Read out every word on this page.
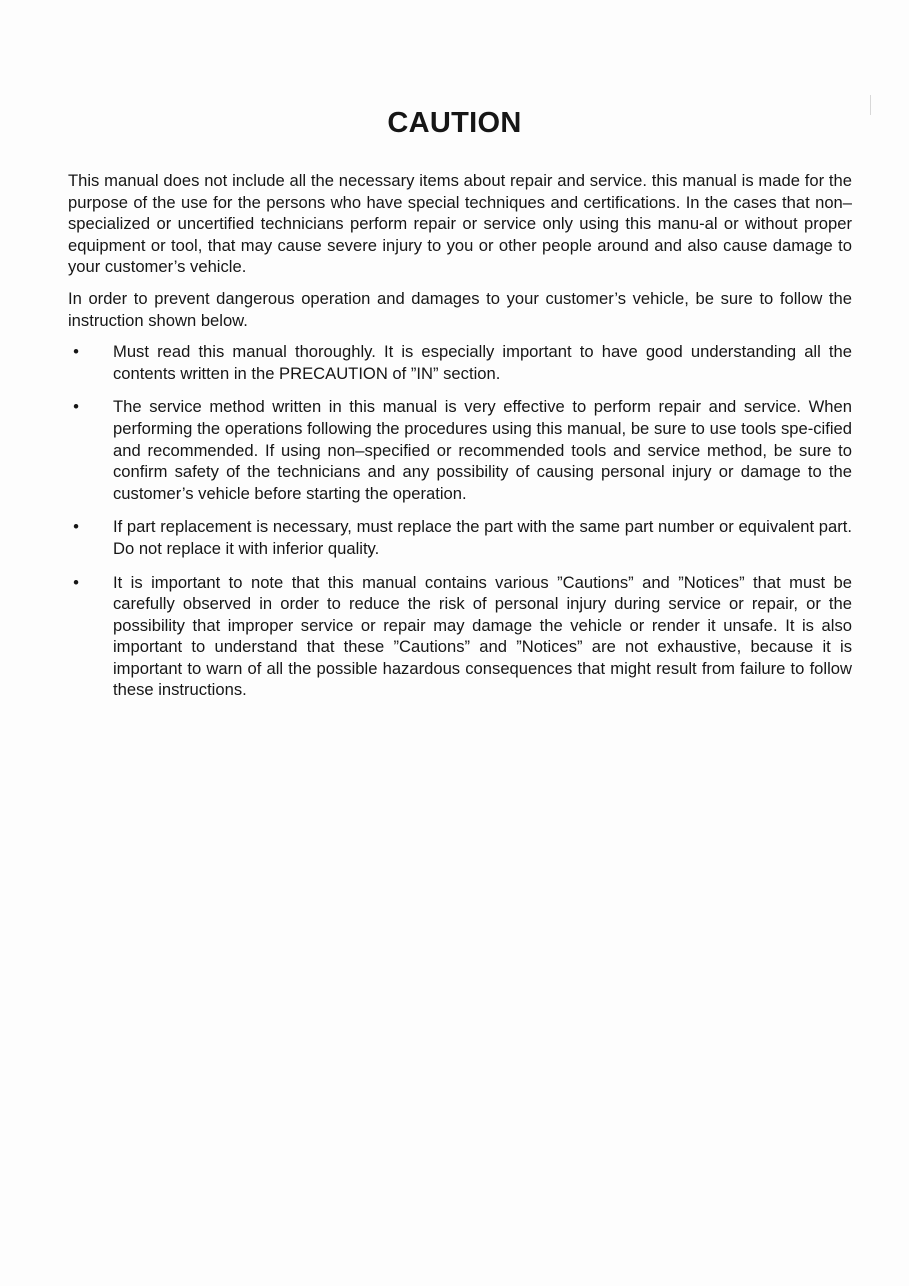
CAUTION

This manual does not include all the necessary items about repair and service. this manual is made for the purpose of the use for the persons who have special techniques and certifications. In the cases that non–specialized or uncertified technicians perform repair or service only using this manu-al or without proper equipment or tool, that may cause severe injury to you or other people around and also cause damage to your customer’s vehicle.

In order to prevent dangerous operation and damages to your customer’s vehicle, be sure to follow the instruction shown below.

• Must read this manual thoroughly. It is especially important to have good understanding all the contents written in the PRECAUTION of ”IN” section.
• The service method written in this manual is very effective to perform repair and service. When performing the operations following the procedures using this manual, be sure to use tools spe-cified and recommended. If using non–specified or recommended tools and service method, be sure to confirm safety of the technicians and any possibility of causing personal injury or damage to the customer’s vehicle before starting the operation.
• If part replacement is necessary, must replace the part with the same part number or equivalent part. Do not replace it with inferior quality.
• It is important to note that this manual contains various ”Cautions” and ”Notices” that must be carefully observed in order to reduce the risk of personal injury during service or repair, or the possibility that improper service or repair may damage the vehicle or render it unsafe. It is also important to understand that these ”Cautions” and ”Notices” are not exhaustive, because it is important to warn of all the possible hazardous consequences that might result from failure to follow these instructions.
